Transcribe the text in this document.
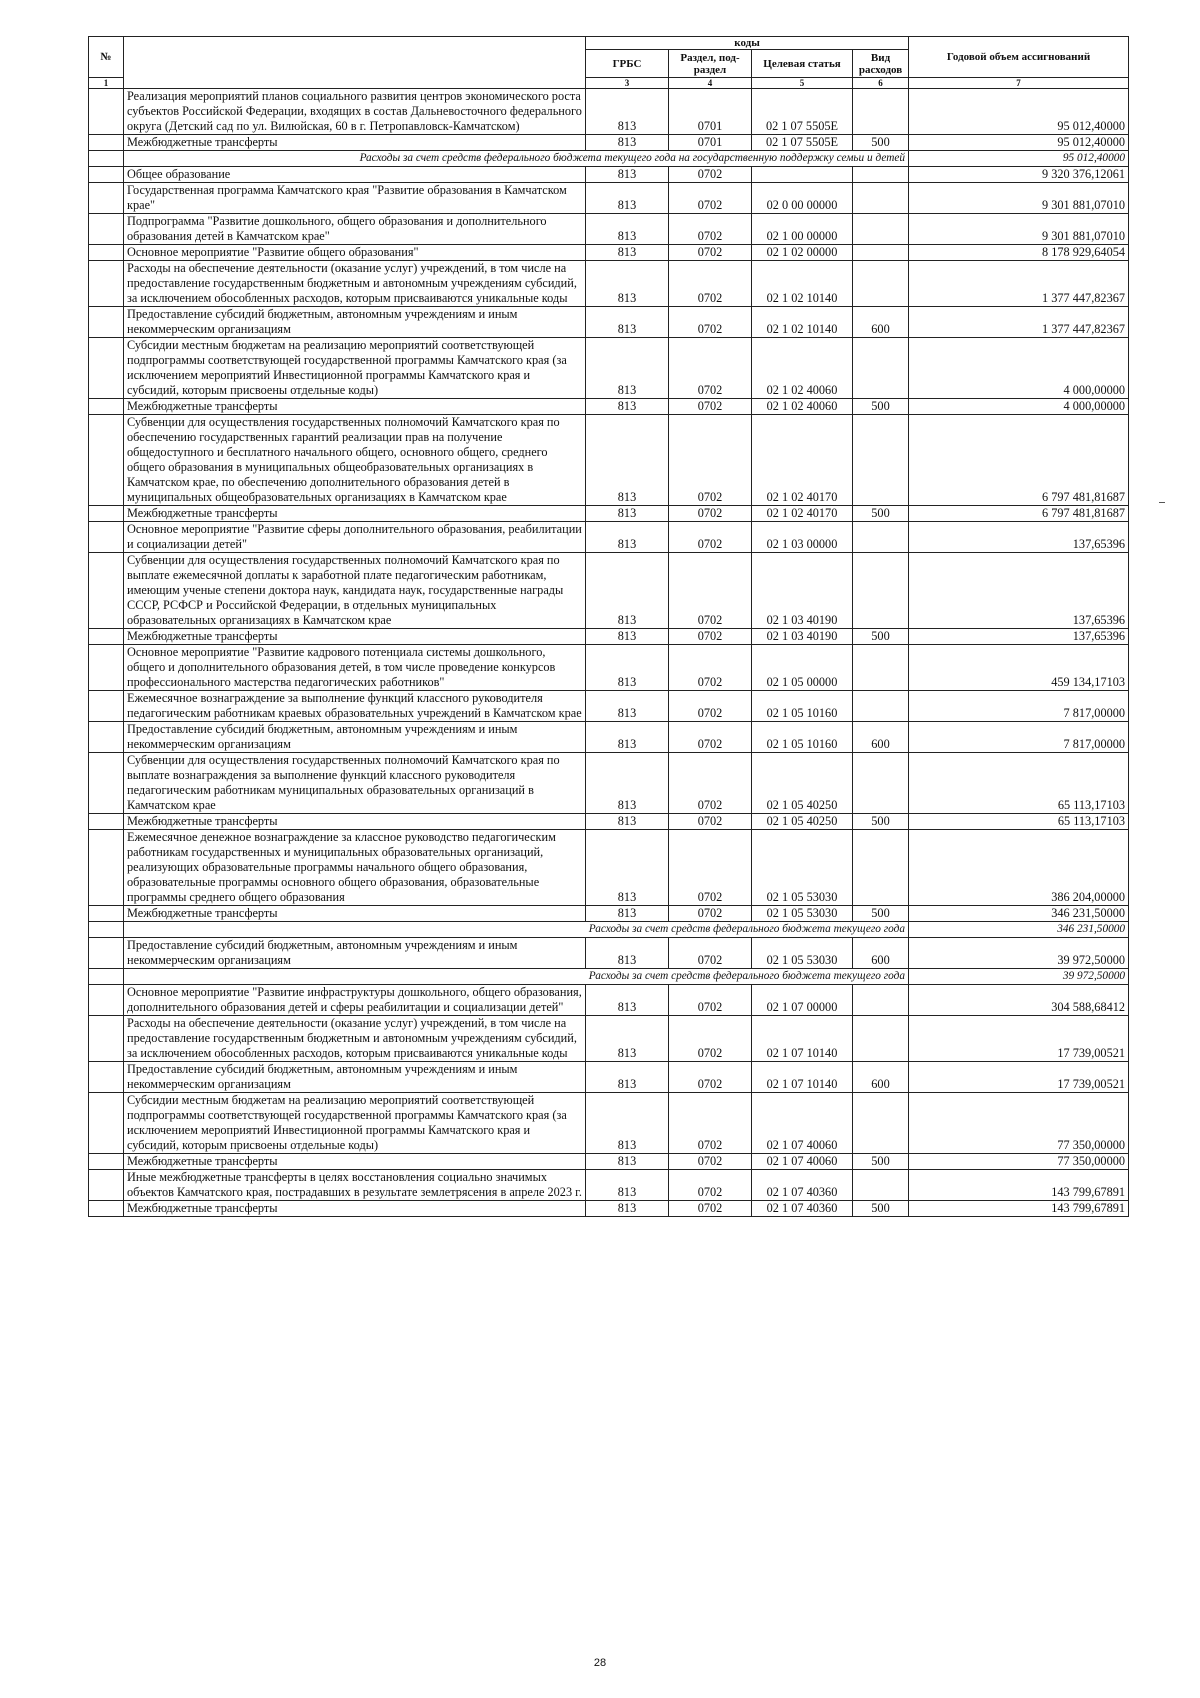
№		коды				Годовой объем ассигнований
		ГРБС	Раздел, под-раздел	Целевая статья	Вид расходов	
1		3	4	5	6	7
	Реализация мероприятий планов социального развития центров экономического роста субъектов Российской Федерации, входящих в состав Дальневосточного федерального округа (Детский сад по ул. Вилюйская, 60 в г. Петропавловск-Камчатском)	813	0701	02 1 07 5505E		95 012,40000
	Межбюджетные трансферты	813	0701	02 1 07 5505E	500	95 012,40000
	Расходы за счет средств федерального бюджета текущего года на государственную поддержку семьи и детей					95 012,40000
	Общее образование	813	0702			9 320 376,12061
	Государственная программа Камчатского края "Развитие образования в Камчатском крае"	813	0702	02 0 00 00000		9 301 881,07010
	Подпрограмма "Развитие дошкольного, общего образования и дополнительного образования детей в Камчатском крае"	813	0702	02 1 00 00000		9 301 881,07010
	Основное мероприятие "Развитие общего образования"	813	0702	02 1 02 00000		8 178 929,64054
	Расходы на обеспечение деятельности (оказание услуг) учреждений, в том числе на предоставление государственным бюджетным и автономным учреждениям субсидий, за исключением обособленных расходов, которым присваиваются уникальные коды	813	0702	02 1 02 10140		1 377 447,82367
	Предоставление субсидий бюджетным, автономным учреждениям и иным некоммерческим организациям	813	0702	02 1 02 10140	600	1 377 447,82367
	Субсидии местным бюджетам на реализацию мероприятий соответствующей подпрограммы соответствующей государственной программы Камчатского края (за исключением мероприятий Инвестиционной программы Камчатского края и субсидий, которым присвоены отдельные коды)	813	0702	02 1 02 40060		4 000,00000
	Межбюджетные трансферты	813	0702	02 1 02 40060	500	4 000,00000
	Субвенции для осуществления государственных полномочий Камчатского края по обеспечению государственных гарантий реализации прав на получение общедоступного и бесплатного начального общего, основного общего, среднего общего образования в муниципальных общеобразовательных организациях в Камчатском крае, по обеспечению дополнительного образования детей в муниципальных общеобразовательных организациях в Камчатском крае	813	0702	02 1 02 40170		6 797 481,81687
	Межбюджетные трансферты	813	0702	02 1 02 40170	500	6 797 481,81687
	Основное мероприятие "Развитие сферы дополнительного образования, реабилитации и социализации детей"	813	0702	02 1 03 00000		137,65396
	Субвенции для осуществления государственных полномочий Камчатского края по выплате ежемесячной доплаты к заработной плате педагогическим работникам, имеющим ученые степени доктора наук, кандидата наук, государственные награды СССР, РСФСР и Российской Федерации, в отдельных муниципальных образовательных организациях в Камчатском крае	813	0702	02 1 03 40190		137,65396
	Межбюджетные трансферты	813	0702	02 1 03 40190	500	137,65396
	Основное мероприятие "Развитие кадрового потенциала системы дошкольного, общего и дополнительного образования детей, в том числе проведение конкурсов профессионального мастерства педагогических работников"	813	0702	02 1 05 00000		459 134,17103
	Ежемесячное вознаграждение за выполнение функций классного руководителя педагогическим работникам краевых образовательных учреждений в Камчатском крае	813	0702	02 1 05 10160		7 817,00000
	Предоставление субсидий бюджетным, автономным учреждениям и иным некоммерческим организациям	813	0702	02 1 05 10160	600	7 817,00000
	Субвенции для осуществления государственных полномочий Камчатского края по выплате вознаграждения за выполнение функций классного руководителя педагогическим работникам муниципальных образовательных организаций в Камчатском крае	813	0702	02 1 05 40250		65 113,17103
	Межбюджетные трансферты	813	0702	02 1 05 40250	500	65 113,17103
	Ежемесячное денежное вознаграждение за классное руководство педагогическим работникам государственных и муниципальных образовательных организаций, реализующих образовательные программы начального общего образования, образовательные программы основного общего образования, образовательные программы среднего общего образования	813	0702	02 1 05 53030		386 204,00000
	Межбюджетные трансферты	813	0702	02 1 05 53030	500	346 231,50000
	Расходы за счет средств федерального бюджета текущего года					346 231,50000
	Предоставление субсидий бюджетным, автономным учреждениям и иным некоммерческим организациям	813	0702	02 1 05 53030	600	39 972,50000
	Расходы за счет средств федерального бюджета текущего года					39 972,50000
	Основное мероприятие "Развитие инфраструктуры дошкольного, общего образования, дополнительного образования детей и сферы реабилитации и социализации детей"	813	0702	02 1 07 00000		304 588,68412
	Расходы на обеспечение деятельности (оказание услуг) учреждений, в том числе на предоставление государственным бюджетным и автономным учреждениям субсидий, за исключением обособленных расходов, которым присваиваются уникальные коды	813	0702	02 1 07 10140		17 739,00521
	Предоставление субсидий бюджетным, автономным учреждениям и иным некоммерческим организациям	813	0702	02 1 07 10140	600	17 739,00521
	Субсидии местным бюджетам на реализацию мероприятий соответствующей подпрограммы соответствующей государственной программы Камчатского края (за исключением мероприятий Инвестиционной программы Камчатского края и субсидий, которым присвоены отдельные коды)	813	0702	02 1 07 40060		77 350,00000
	Межбюджетные трансферты	813	0702	02 1 07 40060	500	77 350,00000
	Иные межбюджетные трансферты в целях восстановления социально значимых объектов Камчатского края, пострадавших в результате землетрясения в апреле 2023 г.	813	0702	02 1 07 40360		143 799,67891
	Межбюджетные трансферты	813	0702	02 1 07 40360	500	143 799,67891
28
